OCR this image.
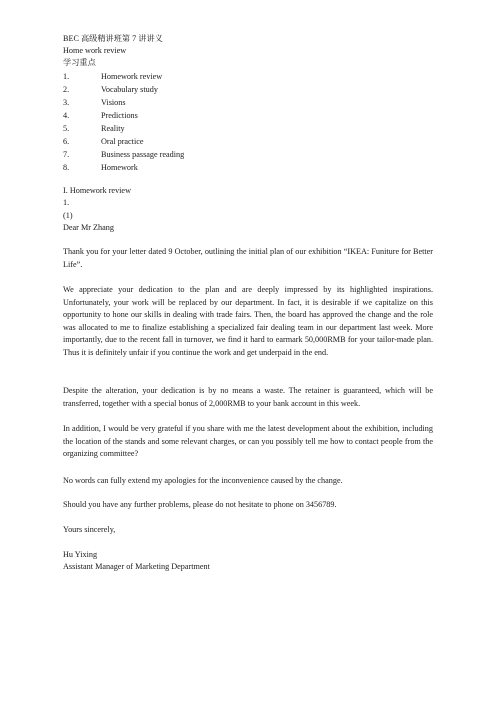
BEC 高级精讲班第 7 讲讲义
Home work review
学习重点
1.	Homework review
2.	Vocabulary study
3.	Visions
4.	Predictions
5.	Reality
6.	Oral practice
7.	Business passage reading
8.	Homework
I. Homework review
1.
(1)
Dear Mr Zhang
Thank you for your letter dated 9 October, outlining the initial plan of our exhibition “IKEA: Funiture for Better Life”.
We appreciate your dedication to the plan and are deeply impressed by its highlighted inspirations. Unfortunately, your work will be replaced by our department. In fact, it is desirable if we capitalize on this opportunity to hone our skills in dealing with trade fairs. Then, the board has approved the change and the role was allocated to me to finalize establishing a specialized fair dealing team in our department last week. More importantly, due to the recent fall in turnover, we find it hard to earmark 50,000RMB for your tailor-made plan. Thus it is definitely unfair if you continue the work and get underpaid in the end.
Despite the alteration, your dedication is by no means a waste. The retainer is guaranteed, which will be transferred, together with a special bonus of 2,000RMB to your bank account in this week.
In addition, I would be very grateful if you share with me the latest development about the exhibition, including the location of the stands and some relevant charges, or can you possibly tell me how to contact people from the organizing committee?
No words can fully extend my apologies for the inconvenience caused by the change.
Should you have any further problems, please do not hesitate to phone on 3456789.
Yours sincerely,
Hu Yixing
Assistant Manager of Marketing Department
